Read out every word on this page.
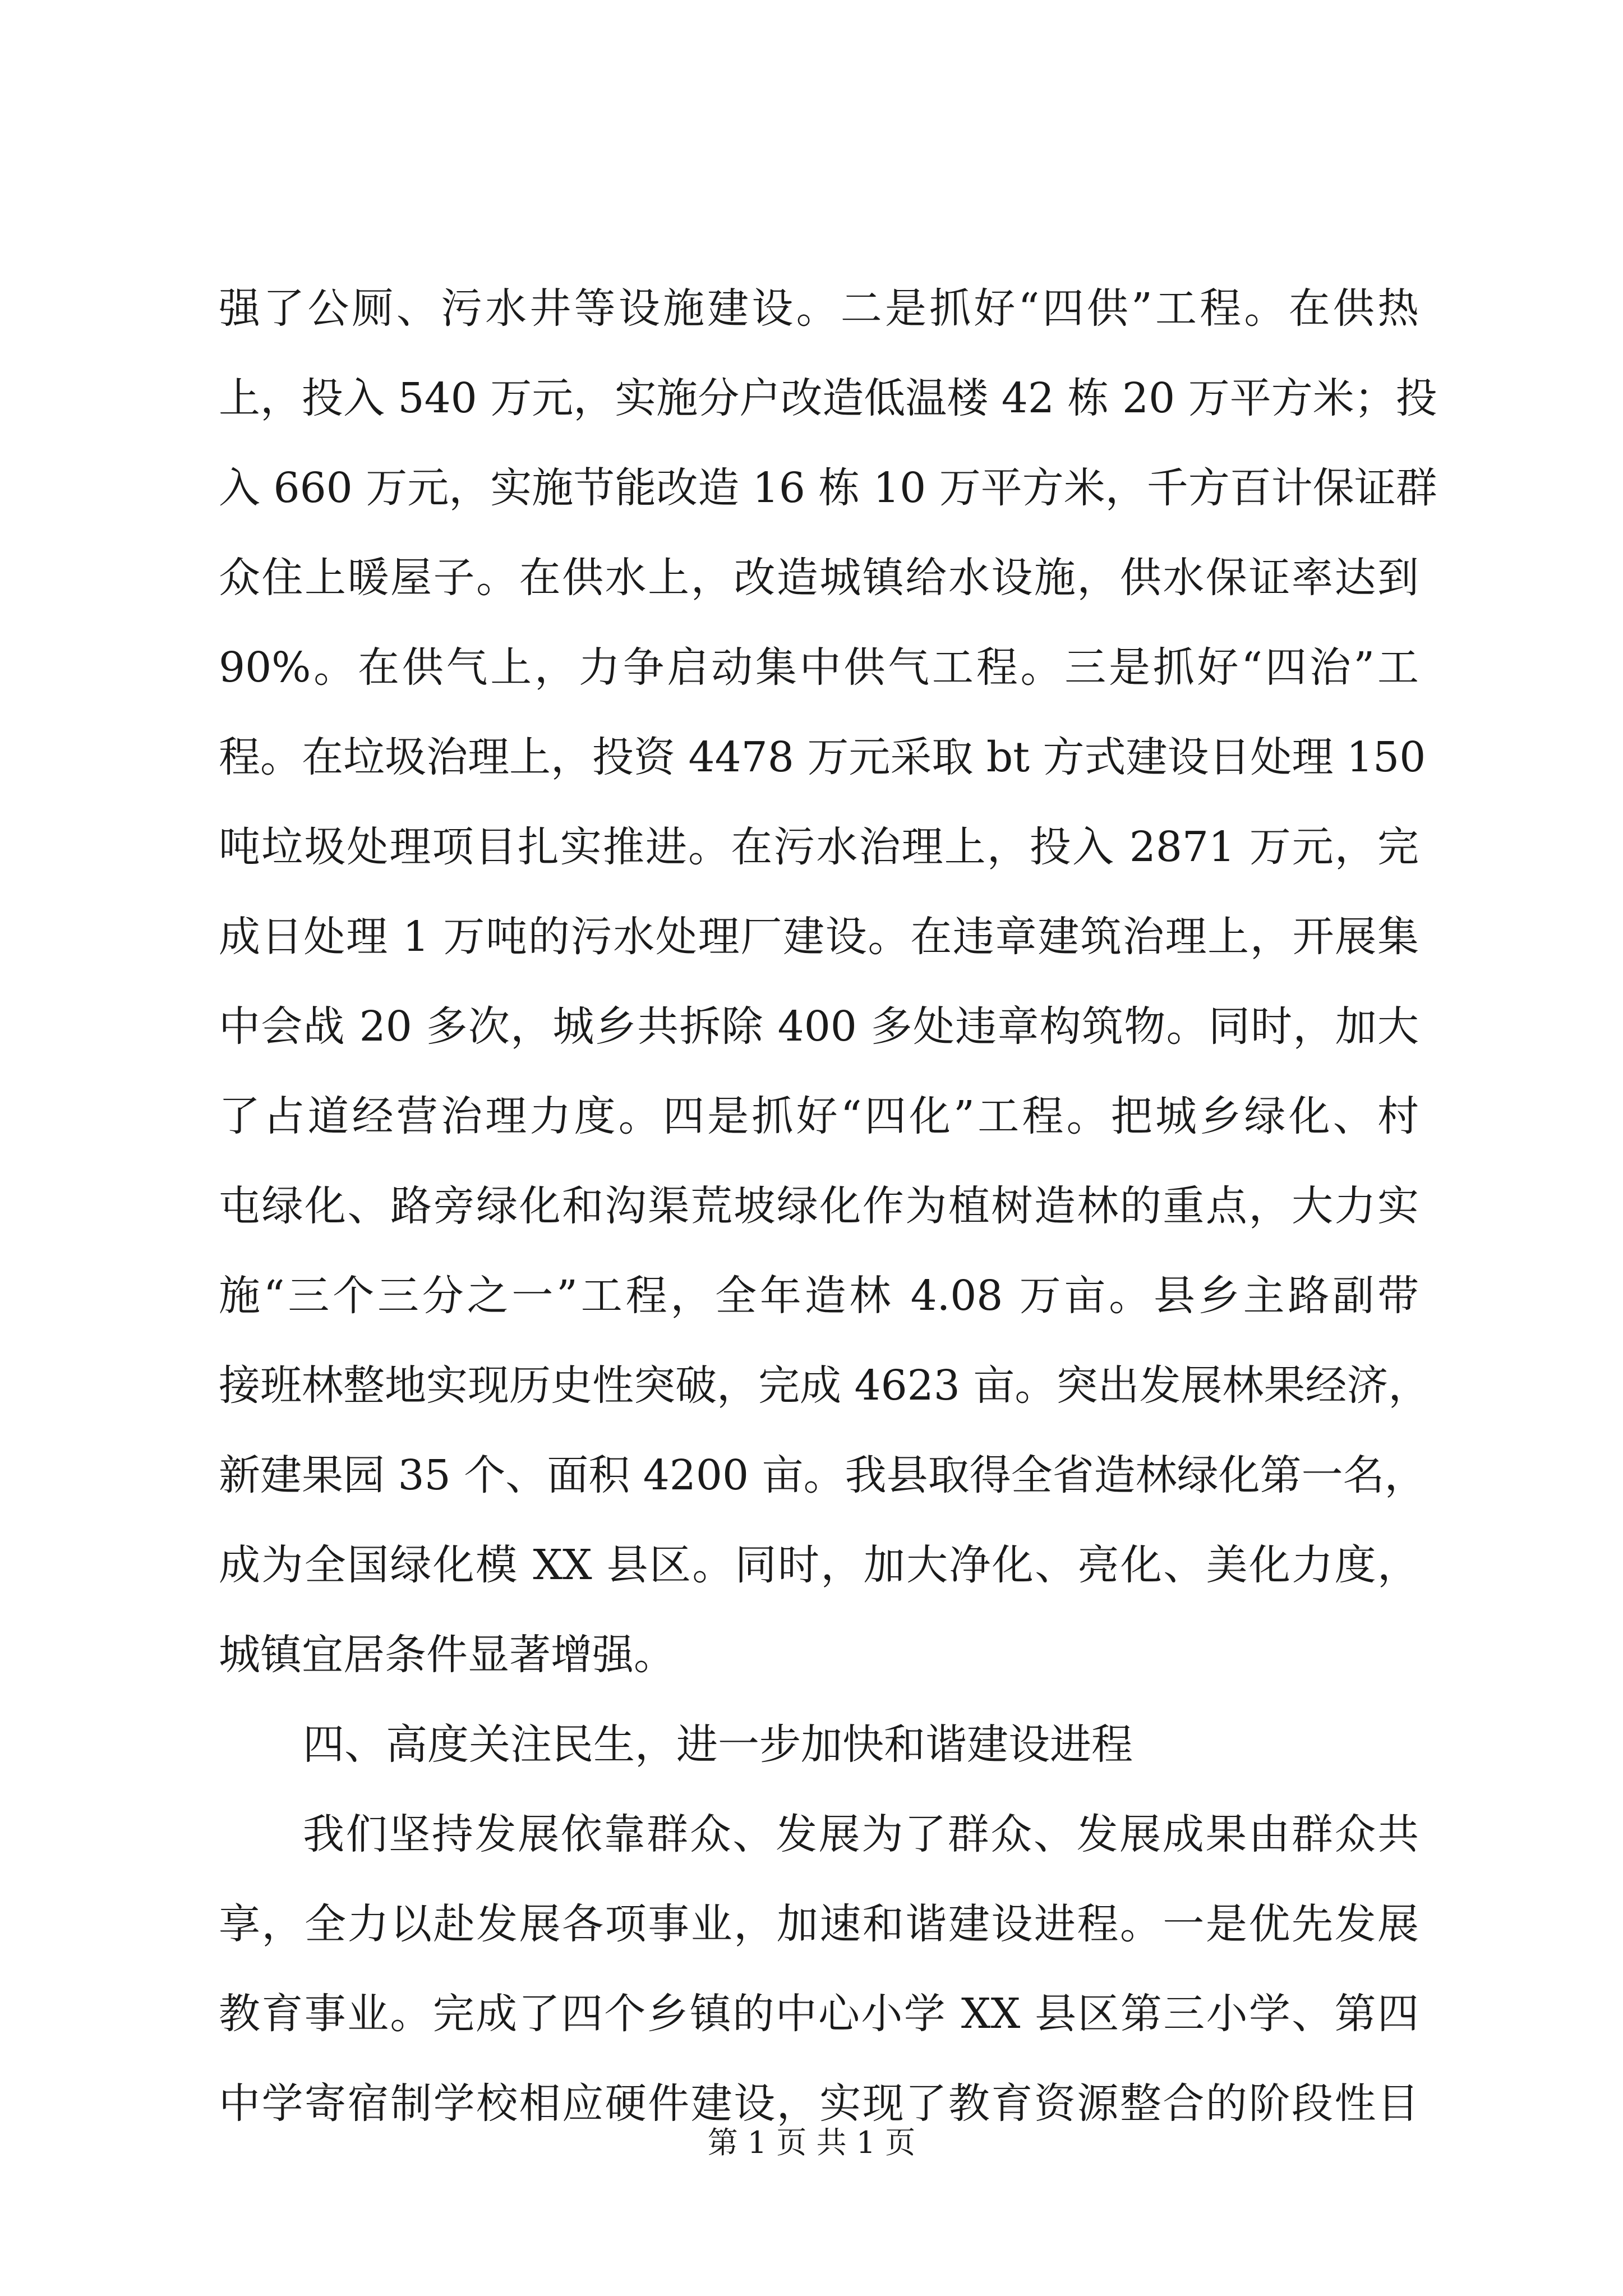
强了公厕、污水井等设施建设。二是抓好“四供”工程。在供热
上，投入 540 万元，实施分户改造低温楼 42 栋 20 万平方米；投
入 660 万元，实施节能改造 16 栋 10 万平方米，千方百计保证群
众住上暖屋子。在供水上，改造城镇给水设施，供水保证率达到
90%。在供气上，力争启动集中供气工程。三是抓好“四治”工
程。在垃圾治理上，投资 4478 万元采取 bt 方式建设日处理 150
吨垃圾处理项目扎实推进。在污水治理上，投入 2871 万元，完
成日处理 1 万吨的污水处理厂建设。在违章建筑治理上，开展集
中会战 20 多次，城乡共拆除 400 多处违章构筑物。同时，加大
了占道经营治理力度。四是抓好“四化”工程。把城乡绿化、村
屯绿化、路旁绿化和沟渠荒坡绿化作为植树造林的重点，大力实
施“三个三分之一”工程，全年造林 4.08 万亩。县乡主路副带
接班林整地实现历史性突破，完成 4623 亩。突出发展林果经济，
新建果园 35 个、面积 4200 亩。我县取得全省造林绿化第一名，
成为全国绿化模 XX 县区。同时，加大净化、亮化、美化力度，
城镇宜居条件显著增强。
四、高度关注民生，进一步加快和谐建设进程
我们坚持发展依靠群众、发展为了群众、发展成果由群众共
享，全力以赴发展各项事业，加速和谐建设进程。一是优先发展
教育事业。完成了四个乡镇的中心小学 XX 县区第三小学、第四
中学寄宿制学校相应硬件建设，实现了教育资源整合的阶段性目
第 1 页 共 1 页
